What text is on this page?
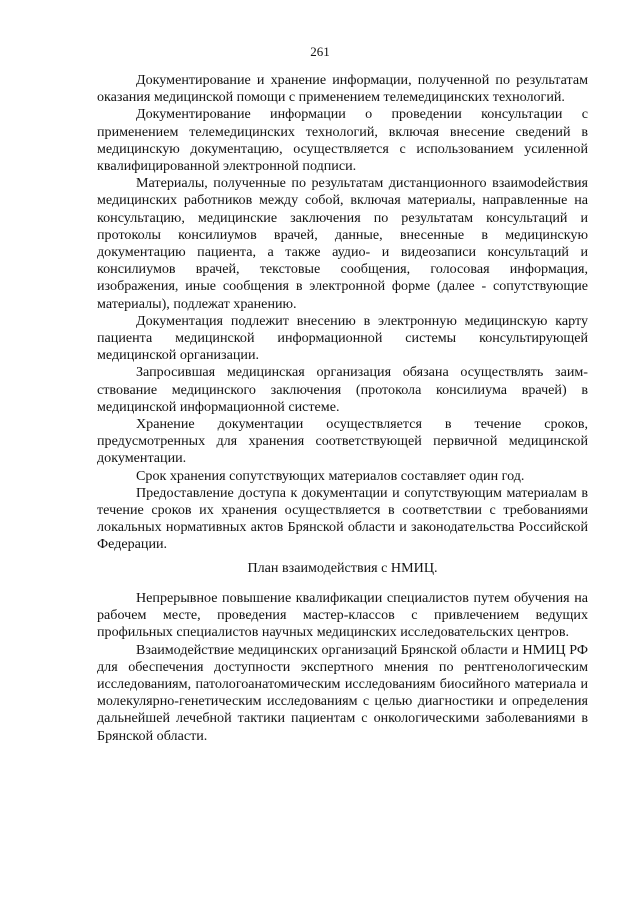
261

Документирование и хранение информации, полученной по результатам оказания медицинской помощи с применением телемедицинских технологий.

Документирование информации о проведении консультации с применением телемедицинских технологий, включая внесение сведений в медицинскую документацию, осуществляется с использованием усиленной квалифицированной электронной подписи.

Материалы, полученные по результатам дистанционного взаимоdействия медицинских работников между собой, включая материалы, направленные на консультацию, медицинские заключения по результатам консультаций и протоколы консилиумов врачей, данные, внесенные в медицинскую документацию пациента, а также аудио- и видеозаписи консультаций и консилиумов врачей, текстовые сообщения, голосовая информация, изображения, иные сообщения в электронной форме (далее - сопутствующие материалы), подлежат хранению.

Документация подлежит внесению в электронную медицинскую карту пациента медицинской информационной системы консультирующей медицинской организации.

Запросившая медицинская организация обязана осуществлять заимствование медицинского заключения (протокола консилиума врачей) в медицинской информационной системе.

Хранение документации осуществляется в течение сроков, предусмотренных для хранения соответствующей первичной медицинской документации.

Срок хранения сопутствующих материалов составляет один год.

Предоставление доступа к документации и сопутствующим материалам в течение сроков их хранения осуществляется в соответствии с требованиями локальных нормативных актов Брянской области и законодательства Российской Федерации.

План взаимодействия с НМИЦ.

Непрерывное повышение квалификации специалистов путем обучения на рабочем месте, проведения мастер-классов с привлечением ведущих профильных специалистов научных медицинских исследовательских центров.

Взаимодействие медицинских организаций Брянской области и НМИЦ РФ для обеспечения доступности экспертного мнения по рентгенологическим исследованиям, патологоанатомическим исследованиям биосийного материала и молекулярно-генетическим исследованиям с целью диагностики и определения дальнейшей лечебной тактики пациентам с онкологическими заболеваниями в Брянской области.
